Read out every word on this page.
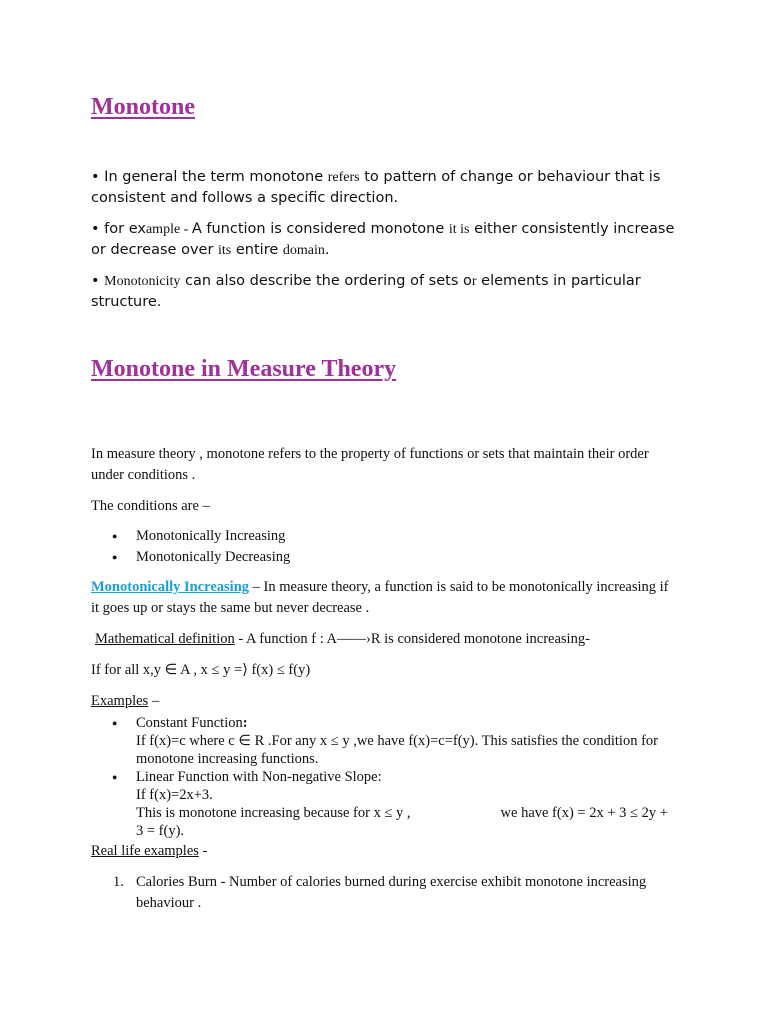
Monotone
• In general the term monotone refers to pattern of change or behaviour that is consistent and follows a specific direction.
• for example - A function is considered monotone it is either consistently increase or decrease over its entire domain.
• Monotonicity can also describe the ordering of sets or elements in particular structure.
Monotone in Measure Theory

In measure theory , monotone refers to the property of functions or sets that maintain their order under conditions .

The conditions are –

● Monotonically Increasing
● Monotonically Decreasing

Monotonically Increasing – In measure theory, a function is said to be monotonically increasing if it goes up or stays the same but never decrease .

Mathematical definition - A function f : A——›R is considered monotone increasing-

If for all x,y ∈ A , x ≤ y =⟩ f(x) ≤ f(y)

Examples –

● Constant Function:
If f(x)=c where c ∈ R .For any x ≤ y ,we have f(x)=c=f(y). This satisfies the condition for monotone increasing functions.
● Linear Function with Non-negative Slope:
If f(x)=2x+3.
This is monotone increasing because for x ≤ y ,	we have f(x) = 2x + 3 ≤ 2y + 3 = f(y).

Real life examples -

1. Calories Burn - Number of calories burned during exercise exhibit monotone increasing behaviour .
